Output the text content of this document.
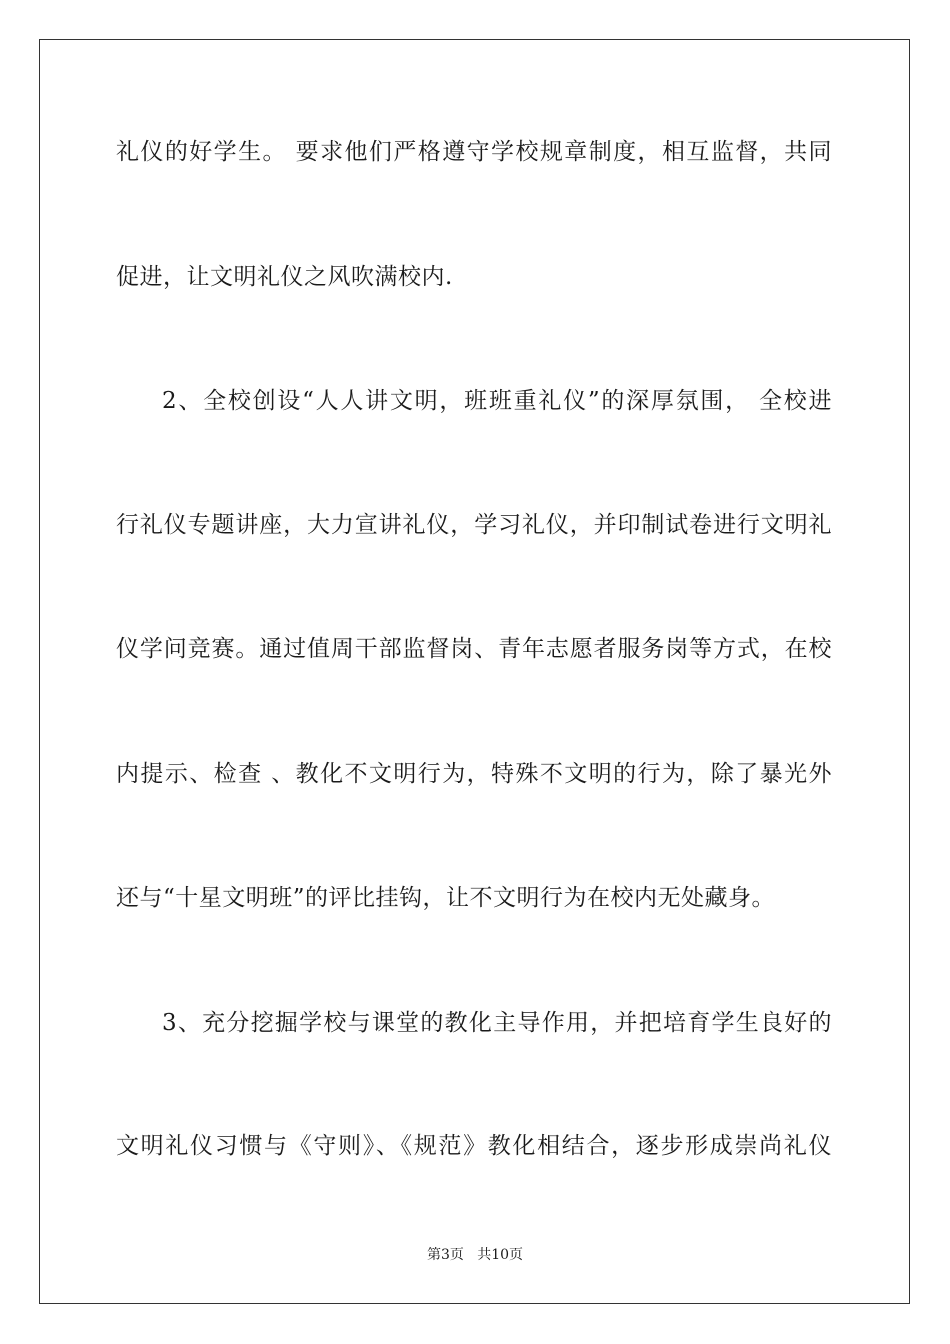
礼仪的好学生。 要求他们严格遵守学校规章制度，相互监督，共同
促进，让文明礼仪之风吹满校内.
2、全校创设“人人讲文明，班班重礼仪”的深厚氛围， 全校进
行礼仪专题讲座，大力宣讲礼仪，学习礼仪，并印制试卷进行文明礼
仪学问竞赛。通过值周干部监督岗、青年志愿者服务岗等方式，在校
内提示、检查 、教化不文明行为，特殊不文明的行为，除了暴光外
还与“十星文明班”的评比挂钩，让不文明行为在校内无处藏身。
3、充分挖掘学校与课堂的教化主导作用，并把培育学生良好的
文明礼仪习惯与《守则》、《规范》教化相结合，逐步形成崇尚礼仪
第3页   共10页
